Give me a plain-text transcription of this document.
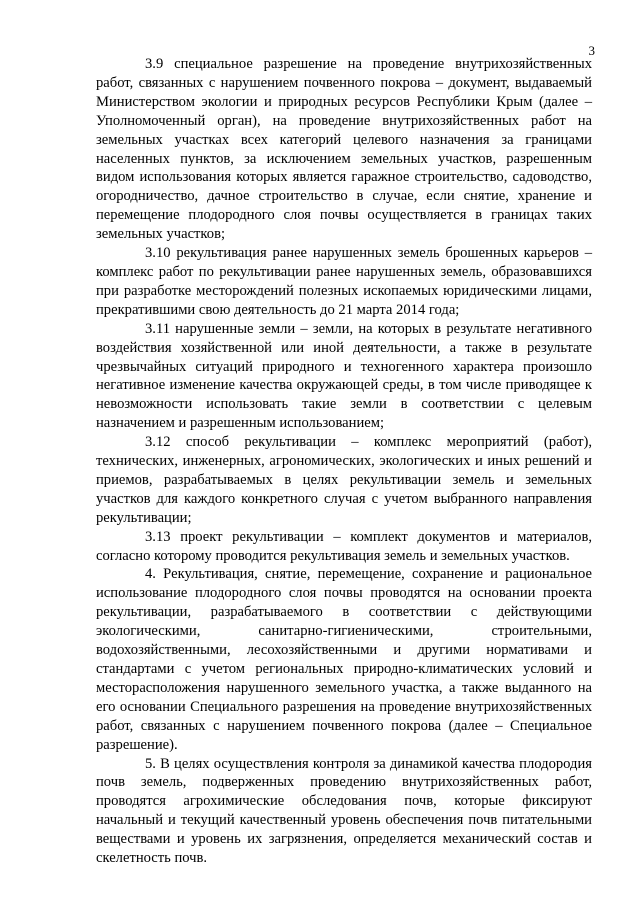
3

3.9 специальное разрешение на проведение внутрихозяйственных работ, связанных с нарушением почвенного покрова – документ, выдаваемый Министерством экологии и природных ресурсов Республики Крым (далее – Уполномоченный орган), на проведение внутрихозяйственных работ на земельных участках всех категорий целевого назначения за границами населенных пунктов, за исключением земельных участков, разрешенным видом использования которых является гаражное строительство, садоводство, огородничество, дачное строительство в случае, если снятие, хранение и перемещение плодородного слоя почвы осуществляется в границах таких земельных участков;

3.10 рекультивация ранее нарушенных земель брошенных карьеров – комплекс работ по рекультивации ранее нарушенных земель, образовавшихся при разработке месторождений полезных ископаемых юридическими лицами, прекратившими свою деятельность до 21 марта 2014 года;

3.11 нарушенные земли – земли, на которых в результате негативного воздействия хозяйственной или иной деятельности, а также в результате чрезвычайных ситуаций природного и техногенного характера произошло негативное изменение качества окружающей среды, в том числе приводящее к невозможности использовать такие земли в соответствии с целевым назначением и разрешенным использованием;

3.12 способ рекультивации – комплекс мероприятий (работ), технических, инженерных, агрономических, экологических и иных решений и приемов, разрабатываемых в целях рекультивации земель и земельных участков для каждого конкретного случая с учетом выбранного направления рекультивации;

3.13 проект рекультивации – комплект документов и материалов, согласно которому проводится рекультивация земель и земельных участков.

4. Рекультивация, снятие, перемещение, сохранение и рациональное использование плодородного слоя почвы проводятся на основании проекта рекультивации, разрабатываемого в соответствии с действующими экологическими, санитарно-гигиеническими, строительными, водохозяйственными, лесохозяйственными и другими нормативами и стандартами с учетом региональных природно-климатических условий и месторасположения нарушенного земельного участка, а также выданного на его основании Специального разрешения на проведение внутрихозяйственных работ, связанных с нарушением почвенного покрова (далее – Специальное разрешение).

5. В целях осуществления контроля за динамикой качества плодородия почв земель, подверженных проведению внутрихозяйственных работ, проводятся агрохимические обследования почв, которые фиксируют начальный и текущий качественный уровень обеспечения почв питательными веществами и уровень их загрязнения, определяется механический состав и скелетность почв.
